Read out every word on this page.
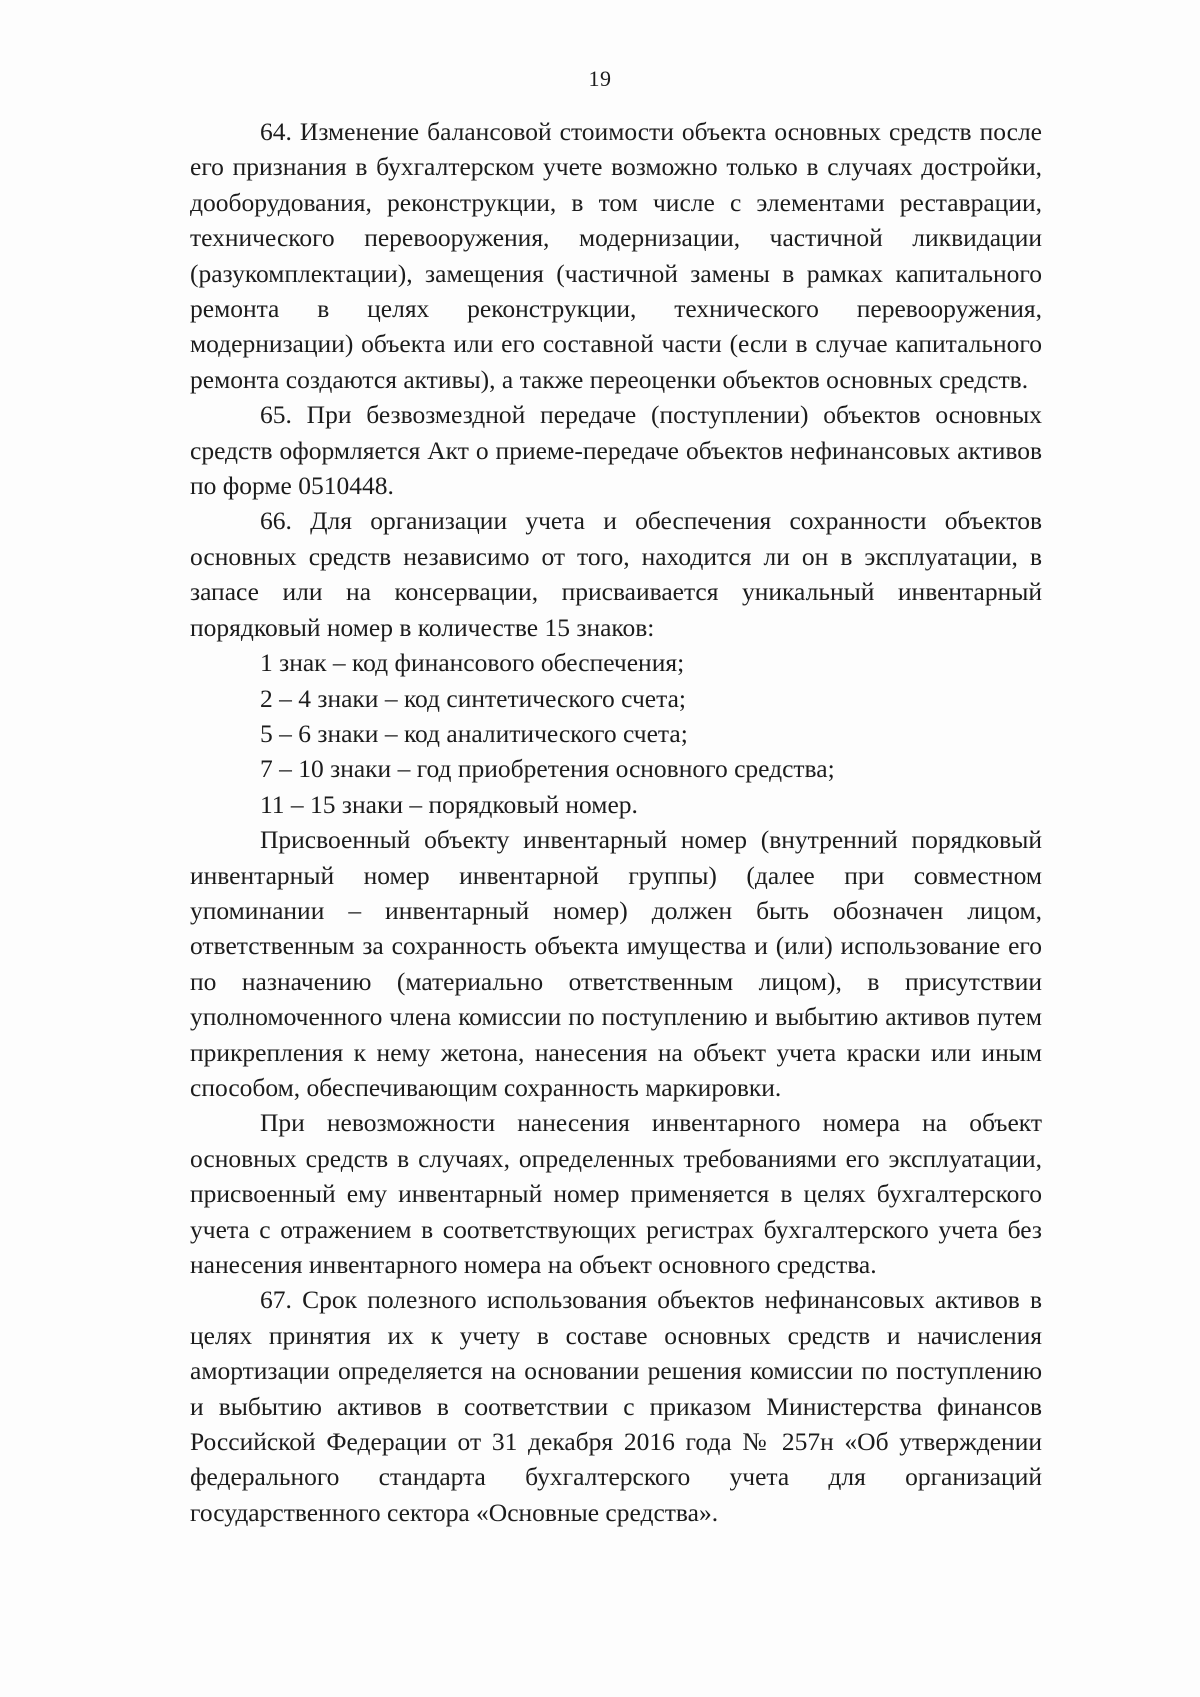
19

64. Изменение балансовой стоимости объекта основных средств после его признания в бухгалтерском учете возможно только в случаях достройки, дооборудования, реконструкции, в том числе с элементами реставрации, технического перевооружения, модернизации, частичной ликвидации (разукомплектации), замещения (частичной замены в рамках капитального ремонта в целях реконструкции, технического перевооружения, модернизации) объекта или его составной части (если в случае капитального ремонта создаются активы), а также переоценки объектов основных средств.

65. При безвозмездной передаче (поступлении) объектов основных средств оформляется Акт о приеме-передаче объектов нефинансовых активов по форме 0510448.

66. Для организации учета и обеспечения сохранности объектов основных средств независимо от того, находится ли он в эксплуатации, в запасе или на консервации, присваивается уникальный инвентарный порядковый номер в количестве 15 знаков:

1 знак – код финансового обеспечения;

2 – 4 знаки – код синтетического счета;

5 – 6 знаки – код аналитического счета;

7 – 10 знаки – год приобретения основного средства;

11 – 15 знаки – порядковый номер.

Присвоенный объекту инвентарный номер (внутренний порядковый инвентарный номер инвентарной группы) (далее при совместном упоминании – инвентарный номер) должен быть обозначен лицом, ответственным за сохранность объекта имущества и (или) использование его по назначению (материально ответственным лицом), в присутствии уполномоченного члена комиссии по поступлению и выбытию активов путем прикрепления к нему жетона, нанесения на объект учета краски или иным способом, обеспечивающим сохранность маркировки.

При невозможности нанесения инвентарного номера на объект основных средств в случаях, определенных требованиями его эксплуатации, присвоенный ему инвентарный номер применяется в целях бухгалтерского учета с отражением в соответствующих регистрах бухгалтерского учета без нанесения инвентарного номера на объект основного средства.

67. Срок полезного использования объектов нефинансовых активов в целях принятия их к учету в составе основных средств и начисления амортизации определяется на основании решения комиссии по поступлению и выбытию активов в соответствии с приказом Министерства финансов Российской Федерации от 31 декабря 2016 года № 257н «Об утверждении федерального стандарта бухгалтерского учета для организаций государственного сектора «Основные средства».
